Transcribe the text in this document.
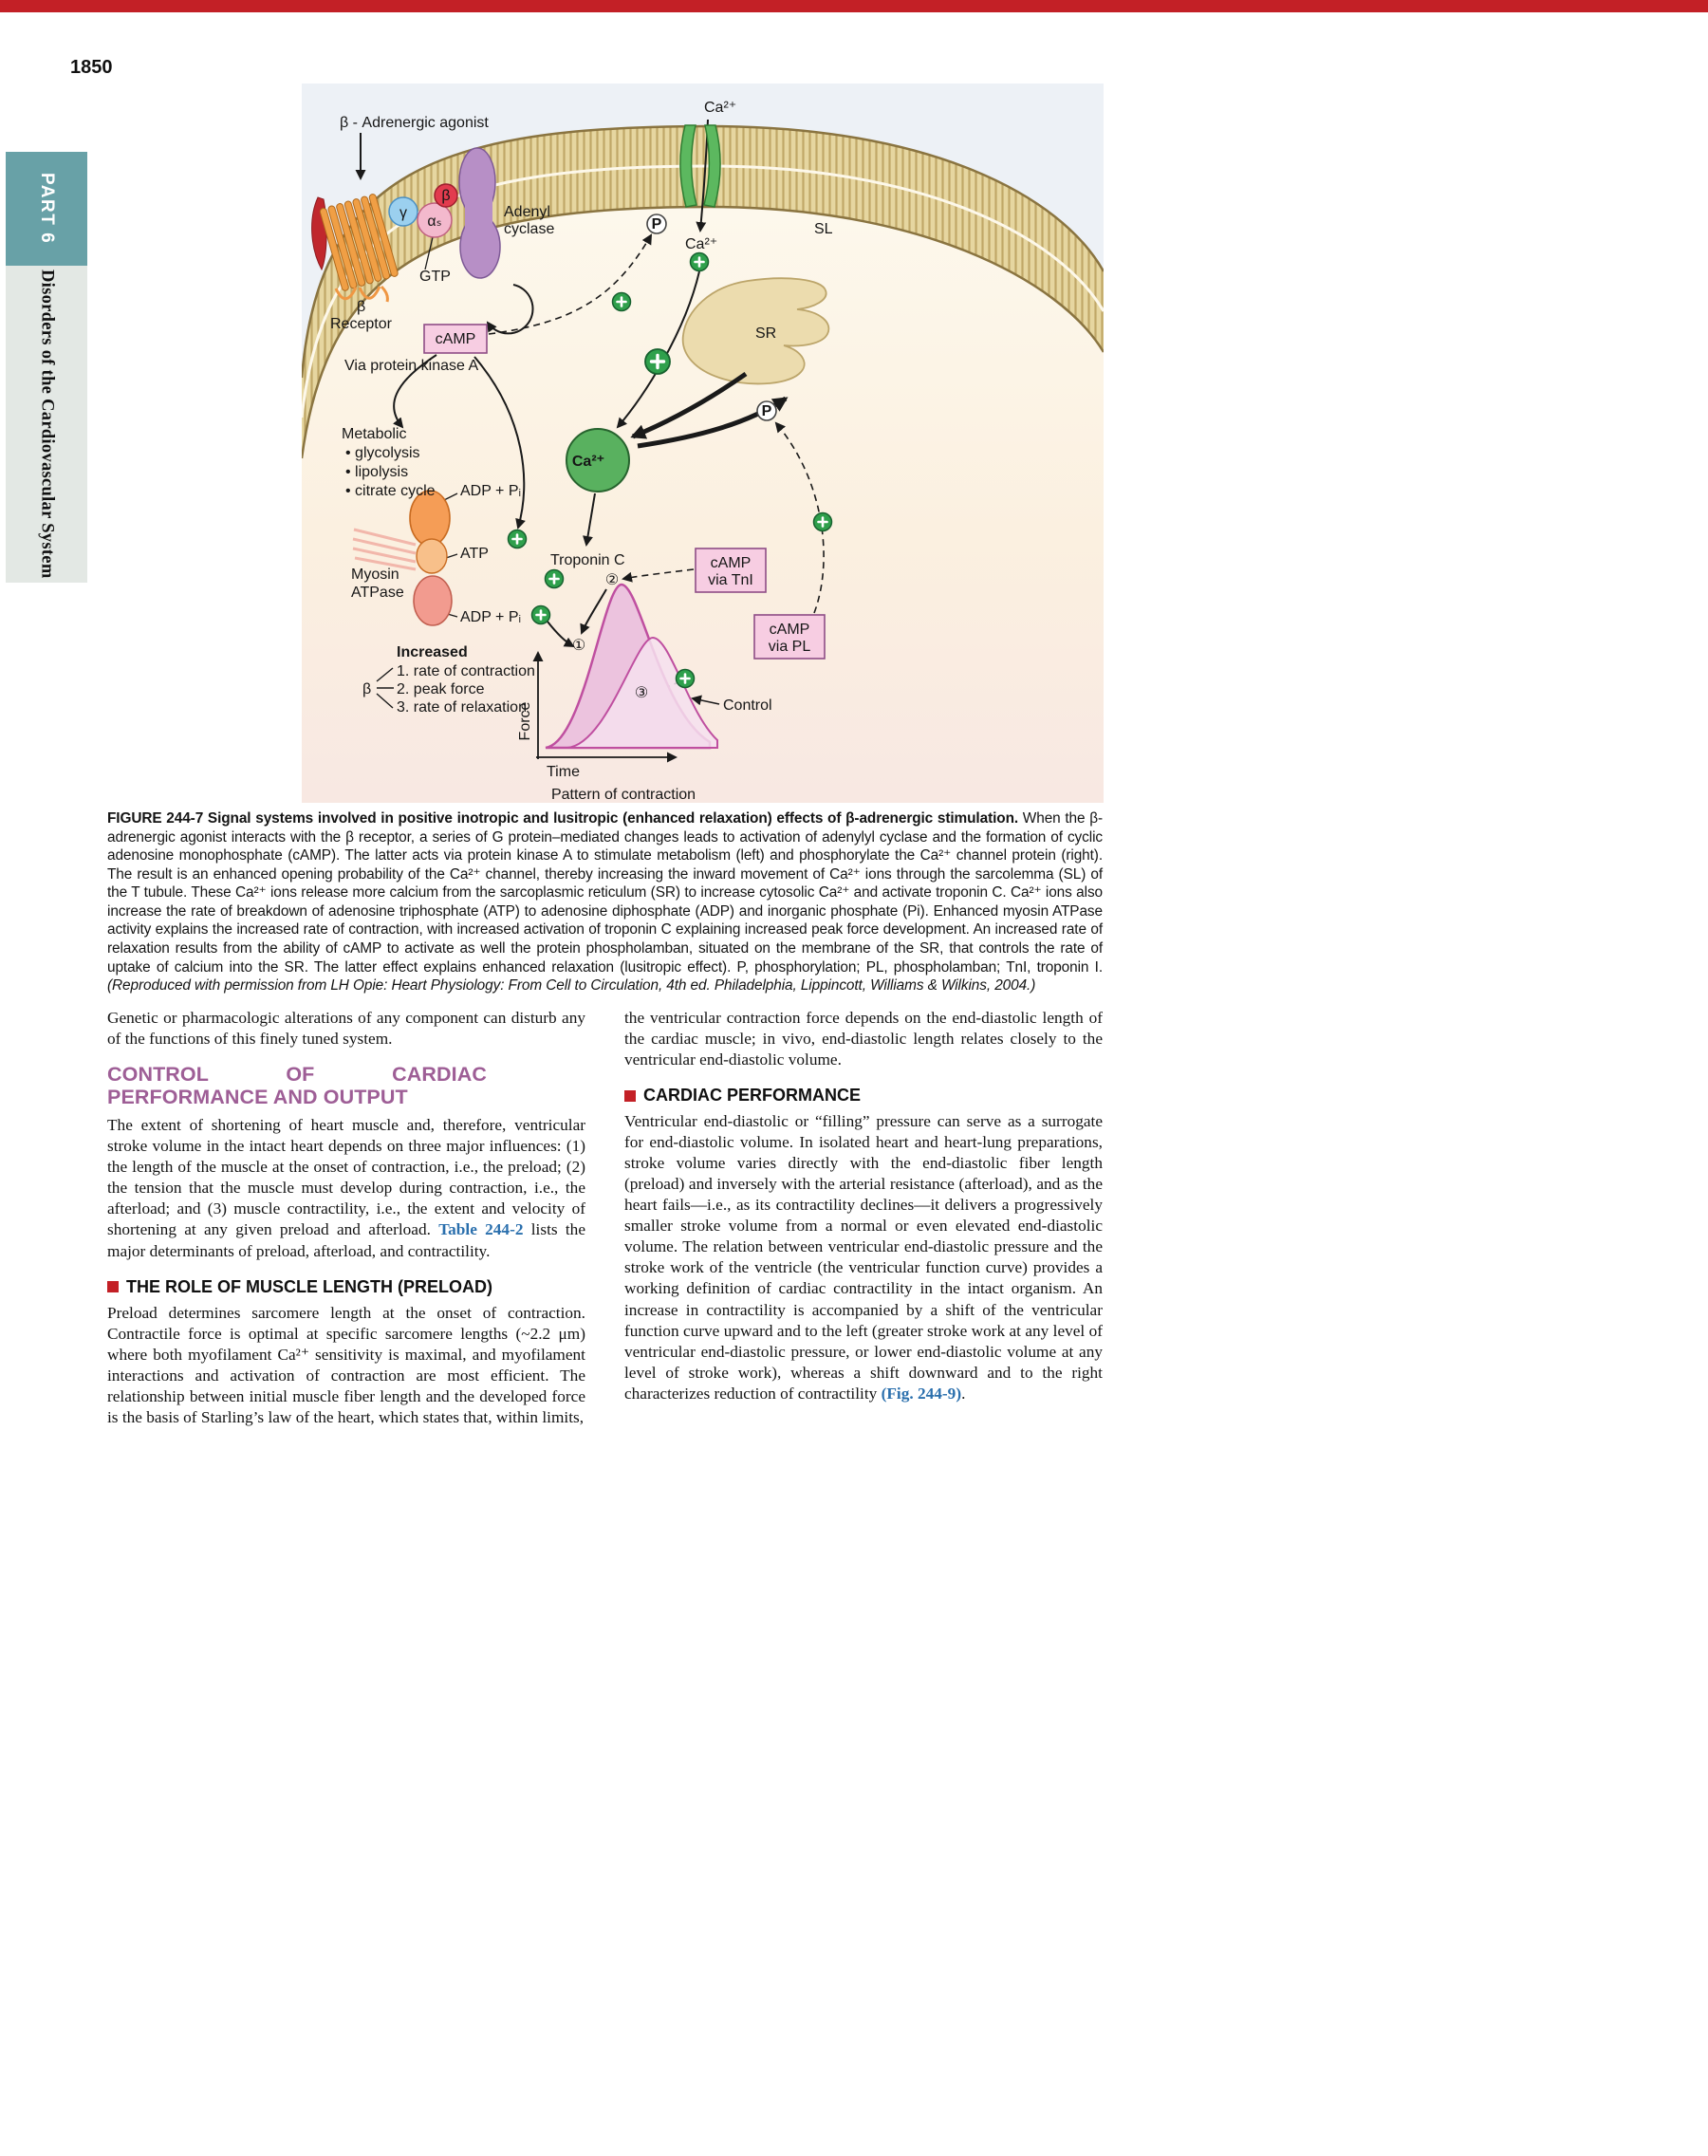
1850
PART 6
Disorders of the Cardiovascular System
β - Adrenergic agonist
Ca²⁺
SL
Ca²⁺
P
P
SR
γ
αₛ
β
Adenyl
cyclase
GTP
β
Receptor
cAMP
Via protein kinase A
Metabolic
• glycolysis
• lipolysis
• citrate cycle ADP + Pᵢ
ATP
ADP + Pᵢ
Myosin
ATPase
Ca²⁺
Troponin C	cAMP
via TnI
cAMP
via PL
Increased
1. rate of contraction
2. peak force
3. rate of relaxation
β
Control
Force
Time
Pattern of contraction
①
②
③
FIGURE 244-7 Signal systems involved in positive inotropic and lusitropic (enhanced relaxation) effects of β-adrenergic stimulation. When the β-adrenergic agonist interacts with the β receptor, a series of G protein–mediated changes leads to activation of adenylyl cyclase and the formation of cyclic adenosine monophosphate (cAMP). The latter acts via protein kinase A to stimulate metabolism (left) and phosphorylate the Ca²⁺ channel protein (right). The result is an enhanced opening probability of the Ca²⁺ channel, thereby increasing the inward movement of Ca²⁺ ions through the sarcolemma (SL) of the T tubule. These Ca²⁺ ions release more calcium from the sarcoplasmic reticulum (SR) to increase cytosolic Ca²⁺ and activate troponin C. Ca²⁺ ions also increase the rate of breakdown of adenosine triphosphate (ATP) to adenosine diphosphate (ADP) and inorganic phosphate (Pi). Enhanced myosin ATPase activity explains the increased rate of contraction, with increased activation of troponin C explaining increased peak force development. An increased rate of relaxation results from the ability of cAMP to activate as well the protein phospholamban, situated on the membrane of the SR, that controls the rate of uptake of calcium into the SR. The latter effect explains enhanced relaxation (lusitropic effect). P, phosphorylation; PL, phospholamban; TnI, troponin I. (Reproduced with permission from LH Opie: Heart Physiology: From Cell to Circulation, 4th ed. Philadelphia, Lippincott, Williams & Wilkins, 2004.)

Genetic or pharmacologic alterations of any component can disturb any of the functions of this finely tuned system.

CONTROL OF CARDIAC PERFORMANCE AND OUTPUT

The extent of shortening of heart muscle and, therefore, ventricular stroke volume in the intact heart depends on three major influences: (1) the length of the muscle at the onset of contraction, i.e., the preload; (2) the tension that the muscle must develop during contraction, i.e., the afterload; and (3) muscle contractility, i.e., the extent and velocity of shortening at any given preload and afterload. Table 244-2 lists the major determinants of preload, afterload, and contractility.

THE ROLE OF MUSCLE LENGTH (PRELOAD)

Preload determines sarcomere length at the onset of contraction. Contractile force is optimal at specific sarcomere lengths (~2.2 μm) where both myofilament Ca²⁺ sensitivity is maximal, and myofilament interactions and activation of contraction are most efficient. The relationship between initial muscle fiber length and the developed force is the basis of Starling’s law of the heart, which states that, within limits,

the ventricular contraction force depends on the end-diastolic length of the cardiac muscle; in vivo, end-diastolic length relates closely to the ventricular end-diastolic volume.

CARDIAC PERFORMANCE

Ventricular end-diastolic or “filling” pressure can serve as a surrogate for end-diastolic volume. In isolated heart and heart-lung preparations, stroke volume varies directly with the end-diastolic fiber length (preload) and inversely with the arterial resistance (afterload), and as the heart fails—i.e., as its contractility declines—it delivers a progressively smaller stroke volume from a normal or even elevated end-diastolic volume. The relation between ventricular end-diastolic pressure and the stroke work of the ventricle (the ventricular function curve) provides a working definition of cardiac contractility in the intact organism. An increase in contractility is accompanied by a shift of the ventricular function curve upward and to the left (greater stroke work at any level of ventricular end-diastolic pressure, or lower end-diastolic volume at any level of stroke work), whereas a shift downward and to the right characterizes reduction of contractility (Fig. 244-9).
